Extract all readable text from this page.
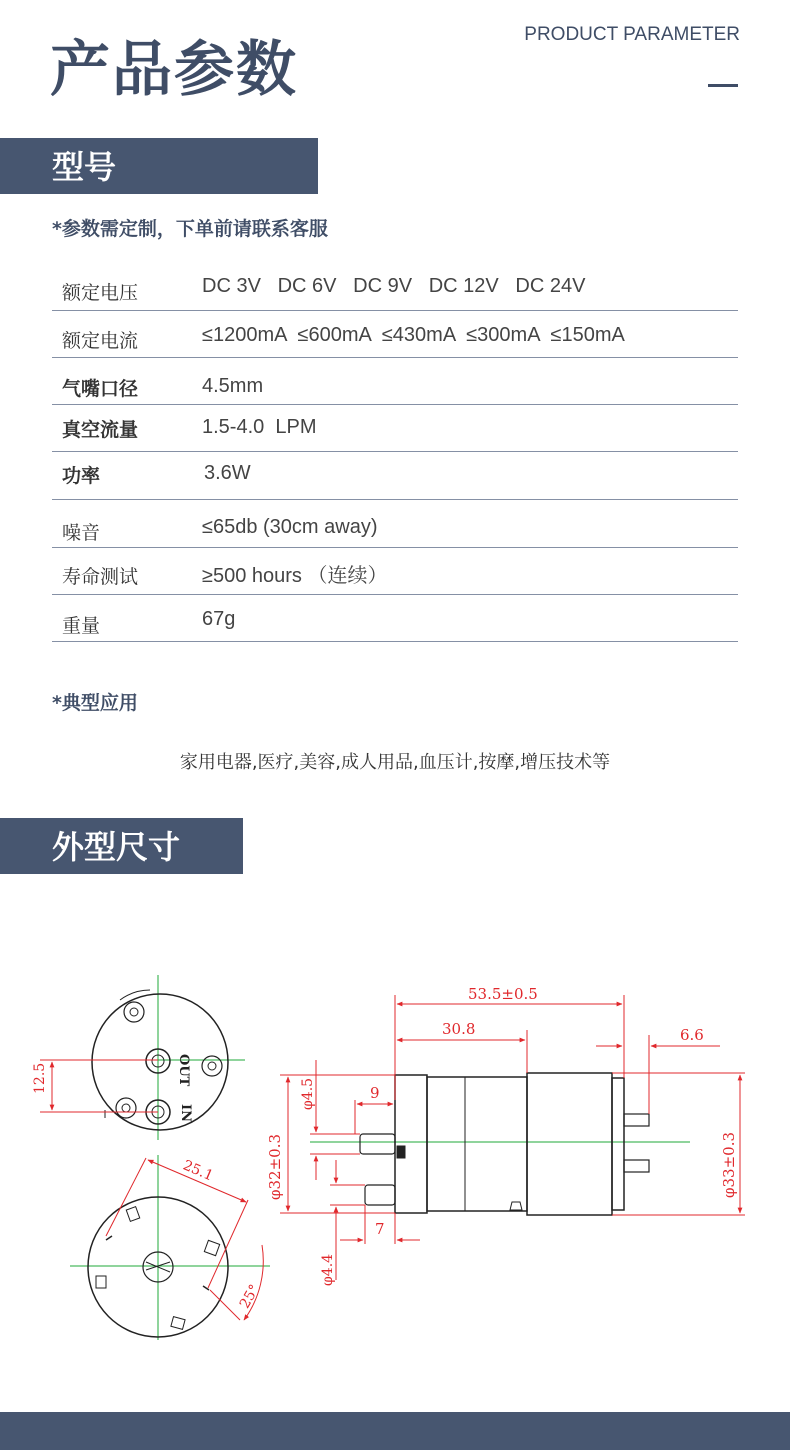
产品参数
PRODUCT PARAMETER
型号
*参数需定制，下单前请联系客服
额定电压	DC 3V   DC 6V   DC 9V   DC 12V   DC 24V
额定电流	≤1200mA  ≤600mA  ≤430mA  ≤300mA  ≤150mA
气嘴口径	4.5mm
真空流量	1.5-4.0  LPM
功率	3.6W
噪音	≤65db (30cm away)
寿命测试	≥500 hours （连续）
重量	67g
*典型应用
家用电器,医疗,美容,成人用品,血压计,按摩,增压技术等
外型尺寸
OUT
IN
12.5
25.1
25°
53.5±0.5
30.8	6.6
φ32±0.3	φ33±0.3
φ4.5	9
7
φ4.4
